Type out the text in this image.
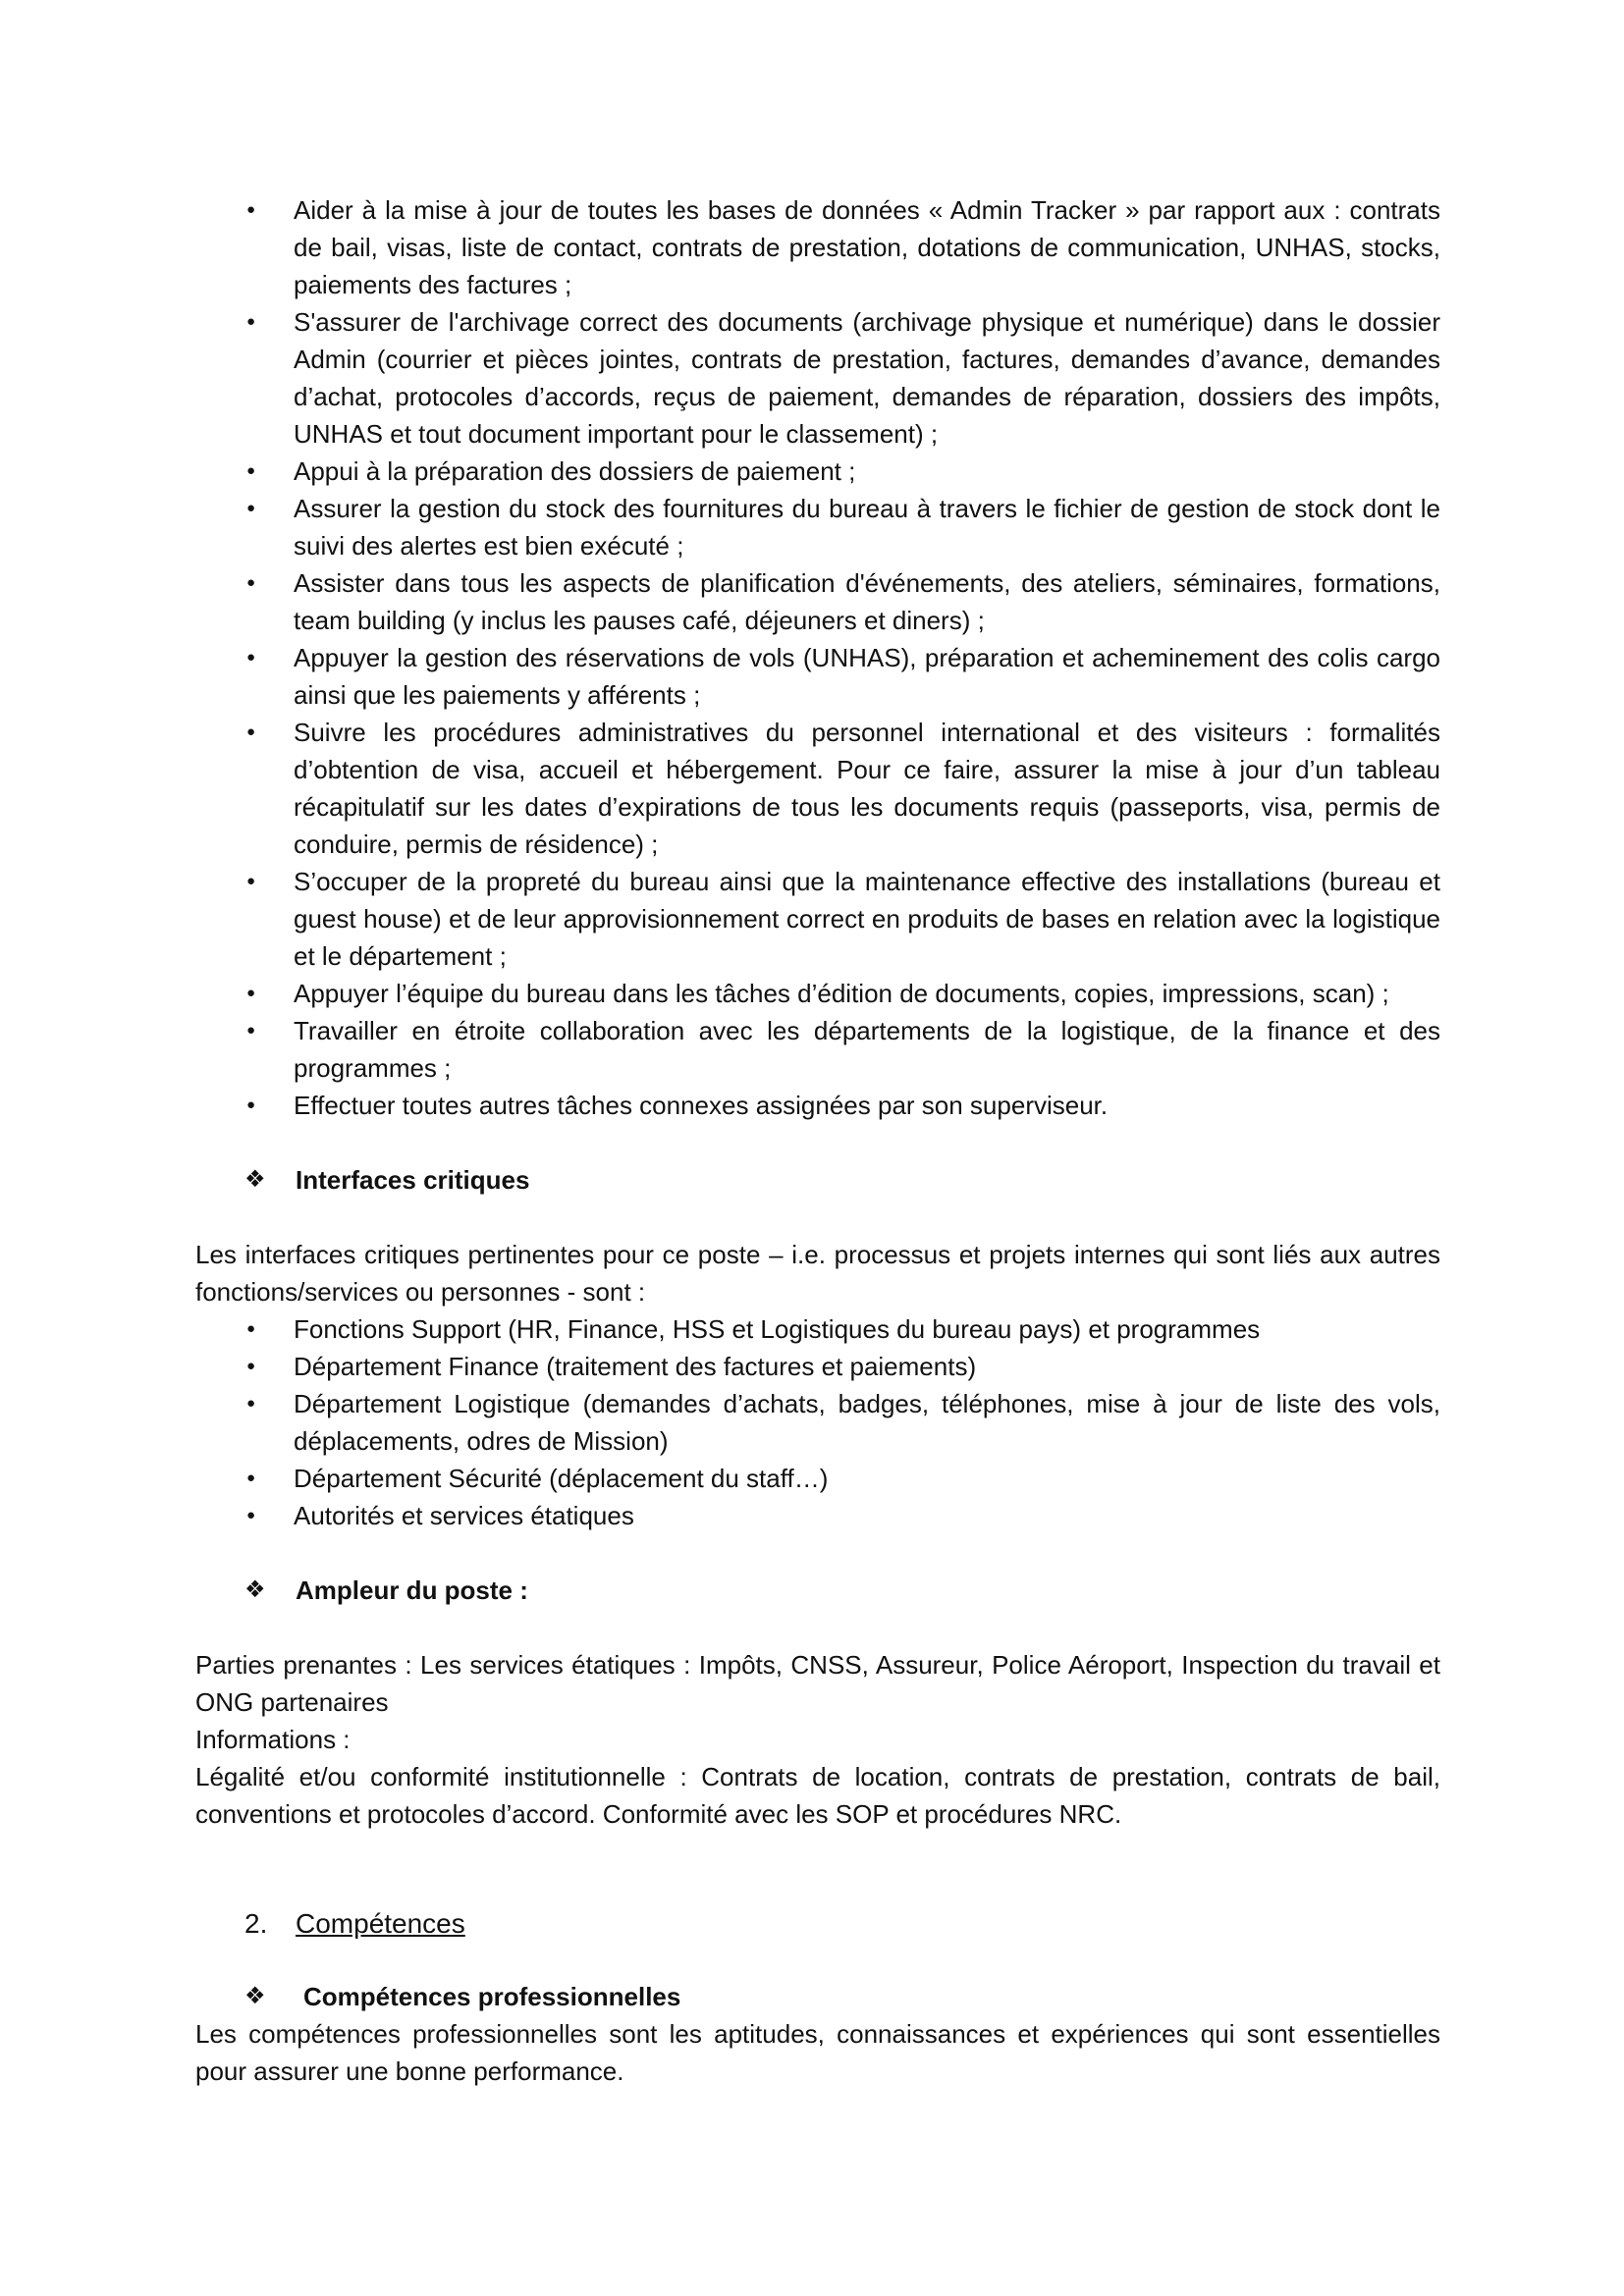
● Aider à la mise à jour de toutes les bases de données « Admin Tracker » par rapport aux : contrats de bail, visas, liste de contact, contrats de prestation, dotations de communication, UNHAS, stocks, paiements des factures ;
● S'assurer de l'archivage correct des documents (archivage physique et numérique) dans le dossier Admin (courrier et pièces jointes, contrats de prestation, factures, demandes d’avance, demandes d’achat, protocoles d’accords, reçus de paiement, demandes de réparation, dossiers des impôts, UNHAS et tout document important pour le classement) ;
● Appui à la préparation des dossiers de paiement ;
● Assurer la gestion du stock des fournitures du bureau à travers le fichier de gestion de stock dont le suivi des alertes est bien exécuté ;
● Assister dans tous les aspects de planification d'événements, des ateliers, séminaires, formations, team building (y inclus les pauses café, déjeuners et diners) ;
● Appuyer la gestion des réservations de vols (UNHAS), préparation et acheminement des colis cargo ainsi que les paiements y afférents ;
● Suivre les procédures administratives du personnel international et des visiteurs : formalités d’obtention de visa, accueil et hébergement. Pour ce faire, assurer la mise à jour d’un tableau récapitulatif sur les dates d’expirations de tous les documents requis (passeports, visa, permis de conduire, permis de résidence) ;
● S’occuper de la propreté du bureau ainsi que la maintenance effective des installations (bureau et guest house) et de leur approvisionnement correct en produits de bases en relation avec la logistique et le département ;
● Appuyer l’équipe du bureau dans les tâches d’édition de documents, copies, impressions, scan) ;
● Travailler en étroite collaboration avec les départements de la logistique, de la finance et des programmes ;
● Effectuer toutes autres tâches connexes assignées par son superviseur.
❖ Interfaces critiques
Les interfaces critiques pertinentes pour ce poste – i.e. processus et projets internes qui sont liés aux autres fonctions/services ou personnes - sont :
● Fonctions Support (HR, Finance, HSS et Logistiques du bureau pays) et programmes
● Département Finance (traitement des factures et paiements)
● Département Logistique (demandes d’achats, badges, téléphones, mise à jour de liste des vols, déplacements, odres de Mission)
● Département Sécurité (déplacement du staff…)
● Autorités et services étatiques
❖ Ampleur du poste :
Parties prenantes : Les services étatiques : Impôts, CNSS, Assureur, Police Aéroport, Inspection du travail et ONG partenaires
Informations :
Légalité et/ou conformité institutionnelle : Contrats de location, contrats de prestation, contrats de bail, conventions et protocoles d’accord. Conformité avec les SOP et procédures NRC.
2. Compétences
❖ Compétences professionnelles
Les compétences professionnelles sont les aptitudes, connaissances et expériences qui sont essentielles pour assurer une bonne performance.
